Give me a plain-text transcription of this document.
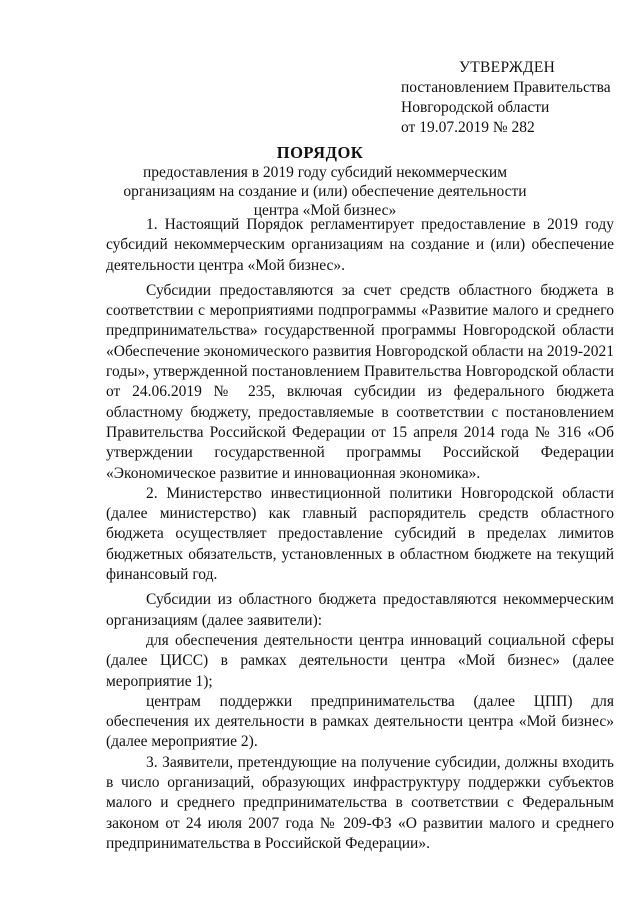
УТВЕРЖДЕН
постановлением Правительства
Новгородской области
от 19.07.2019 № 282
ПОРЯДОК
предоставления в 2019 году субсидий некоммерческим организациям на создание и (или) обеспечение деятельности центра «Мой бизнес»

1. Настоящий Порядок регламентирует предоставление в 2019 году субсидий некоммерческим организациям на создание и (или) обеспечение деятельности центра «Мой бизнес».

Субсидии предоставляются за счет средств областного бюджета в соответствии с мероприятиями подпрограммы «Развитие малого и среднего предпринимательства» государственной программы Новгородской области «Обеспечение экономического развития Новгородской области на 2019-2021 годы», утвержденной постановлением Правительства Новгородской области от 24.06.2019 № 235, включая субсидии из федерального бюджета областному бюджету, предоставляемые в соответствии с постановлением Правительства Российской Федерации от 15 апреля 2014 года № 316 «Об утверждении государственной программы Российской Федерации «Экономическое развитие и инновационная экономика».

2. Министерство инвестиционной политики Новгородской области (далее министерство) как главный распорядитель средств областного бюджета осуществляет предоставление субсидий в пределах лимитов бюджетных обязательств, установленных в областном бюджете на текущий финансовый год.

Субсидии из областного бюджета предоставляются некоммерческим организациям (далее заявители):

для обеспечения деятельности центра инноваций социальной сферы (далее ЦИСС) в рамках деятельности центра «Мой бизнес» (далее мероприятие 1);

центрам поддержки предпринимательства (далее ЦПП) для обеспечения их деятельности в рамках деятельности центра «Мой бизнес» (далее мероприятие 2).

3. Заявители, претендующие на получение субсидии, должны входить в число организаций, образующих инфраструктуру поддержки субъектов малого и среднего предпринимательства в соответствии с Федеральным законом от 24 июля 2007 года № 209-ФЗ «О развитии малого и среднего предпринимательства в Российской Федерации».
